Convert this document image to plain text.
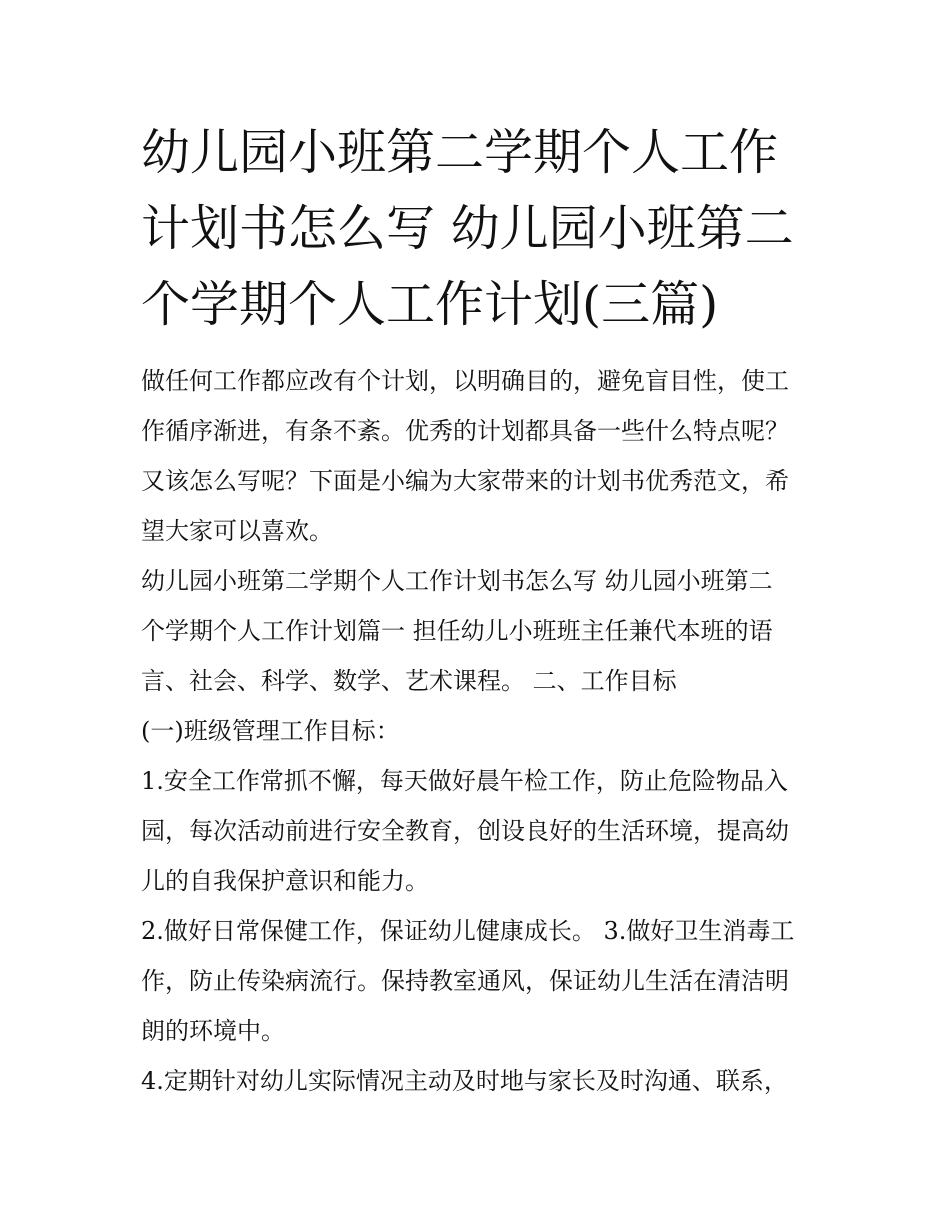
幼儿园小班第二学期个人工作
计划书怎么写 幼儿园小班第二
个学期个人工作计划(三篇)

做任何工作都应改有个计划，以明确目的，避免盲目性，使工
作循序渐进，有条不紊。优秀的计划都具备一些什么特点呢？
又该怎么写呢？下面是小编为大家带来的计划书优秀范文，希
望大家可以喜欢。

幼儿园小班第二学期个人工作计划书怎么写 幼儿园小班第二
个学期个人工作计划篇一 担任幼儿小班班主任兼代本班的语
言、社会、科学、数学、艺术课程。 二、工作目标

(一)班级管理工作目标：

1.安全工作常抓不懈，每天做好晨午检工作，防止危险物品入
园，每次活动前进行安全教育，创设良好的生活环境，提高幼
儿的自我保护意识和能力。

2.做好日常保健工作，保证幼儿健康成长。 3.做好卫生消毒工
作，防止传染病流行。保持教室通风，保证幼儿生活在清洁明
朗的环境中。

4.定期针对幼儿实际情况主动及时地与家长及时沟通、联系，
